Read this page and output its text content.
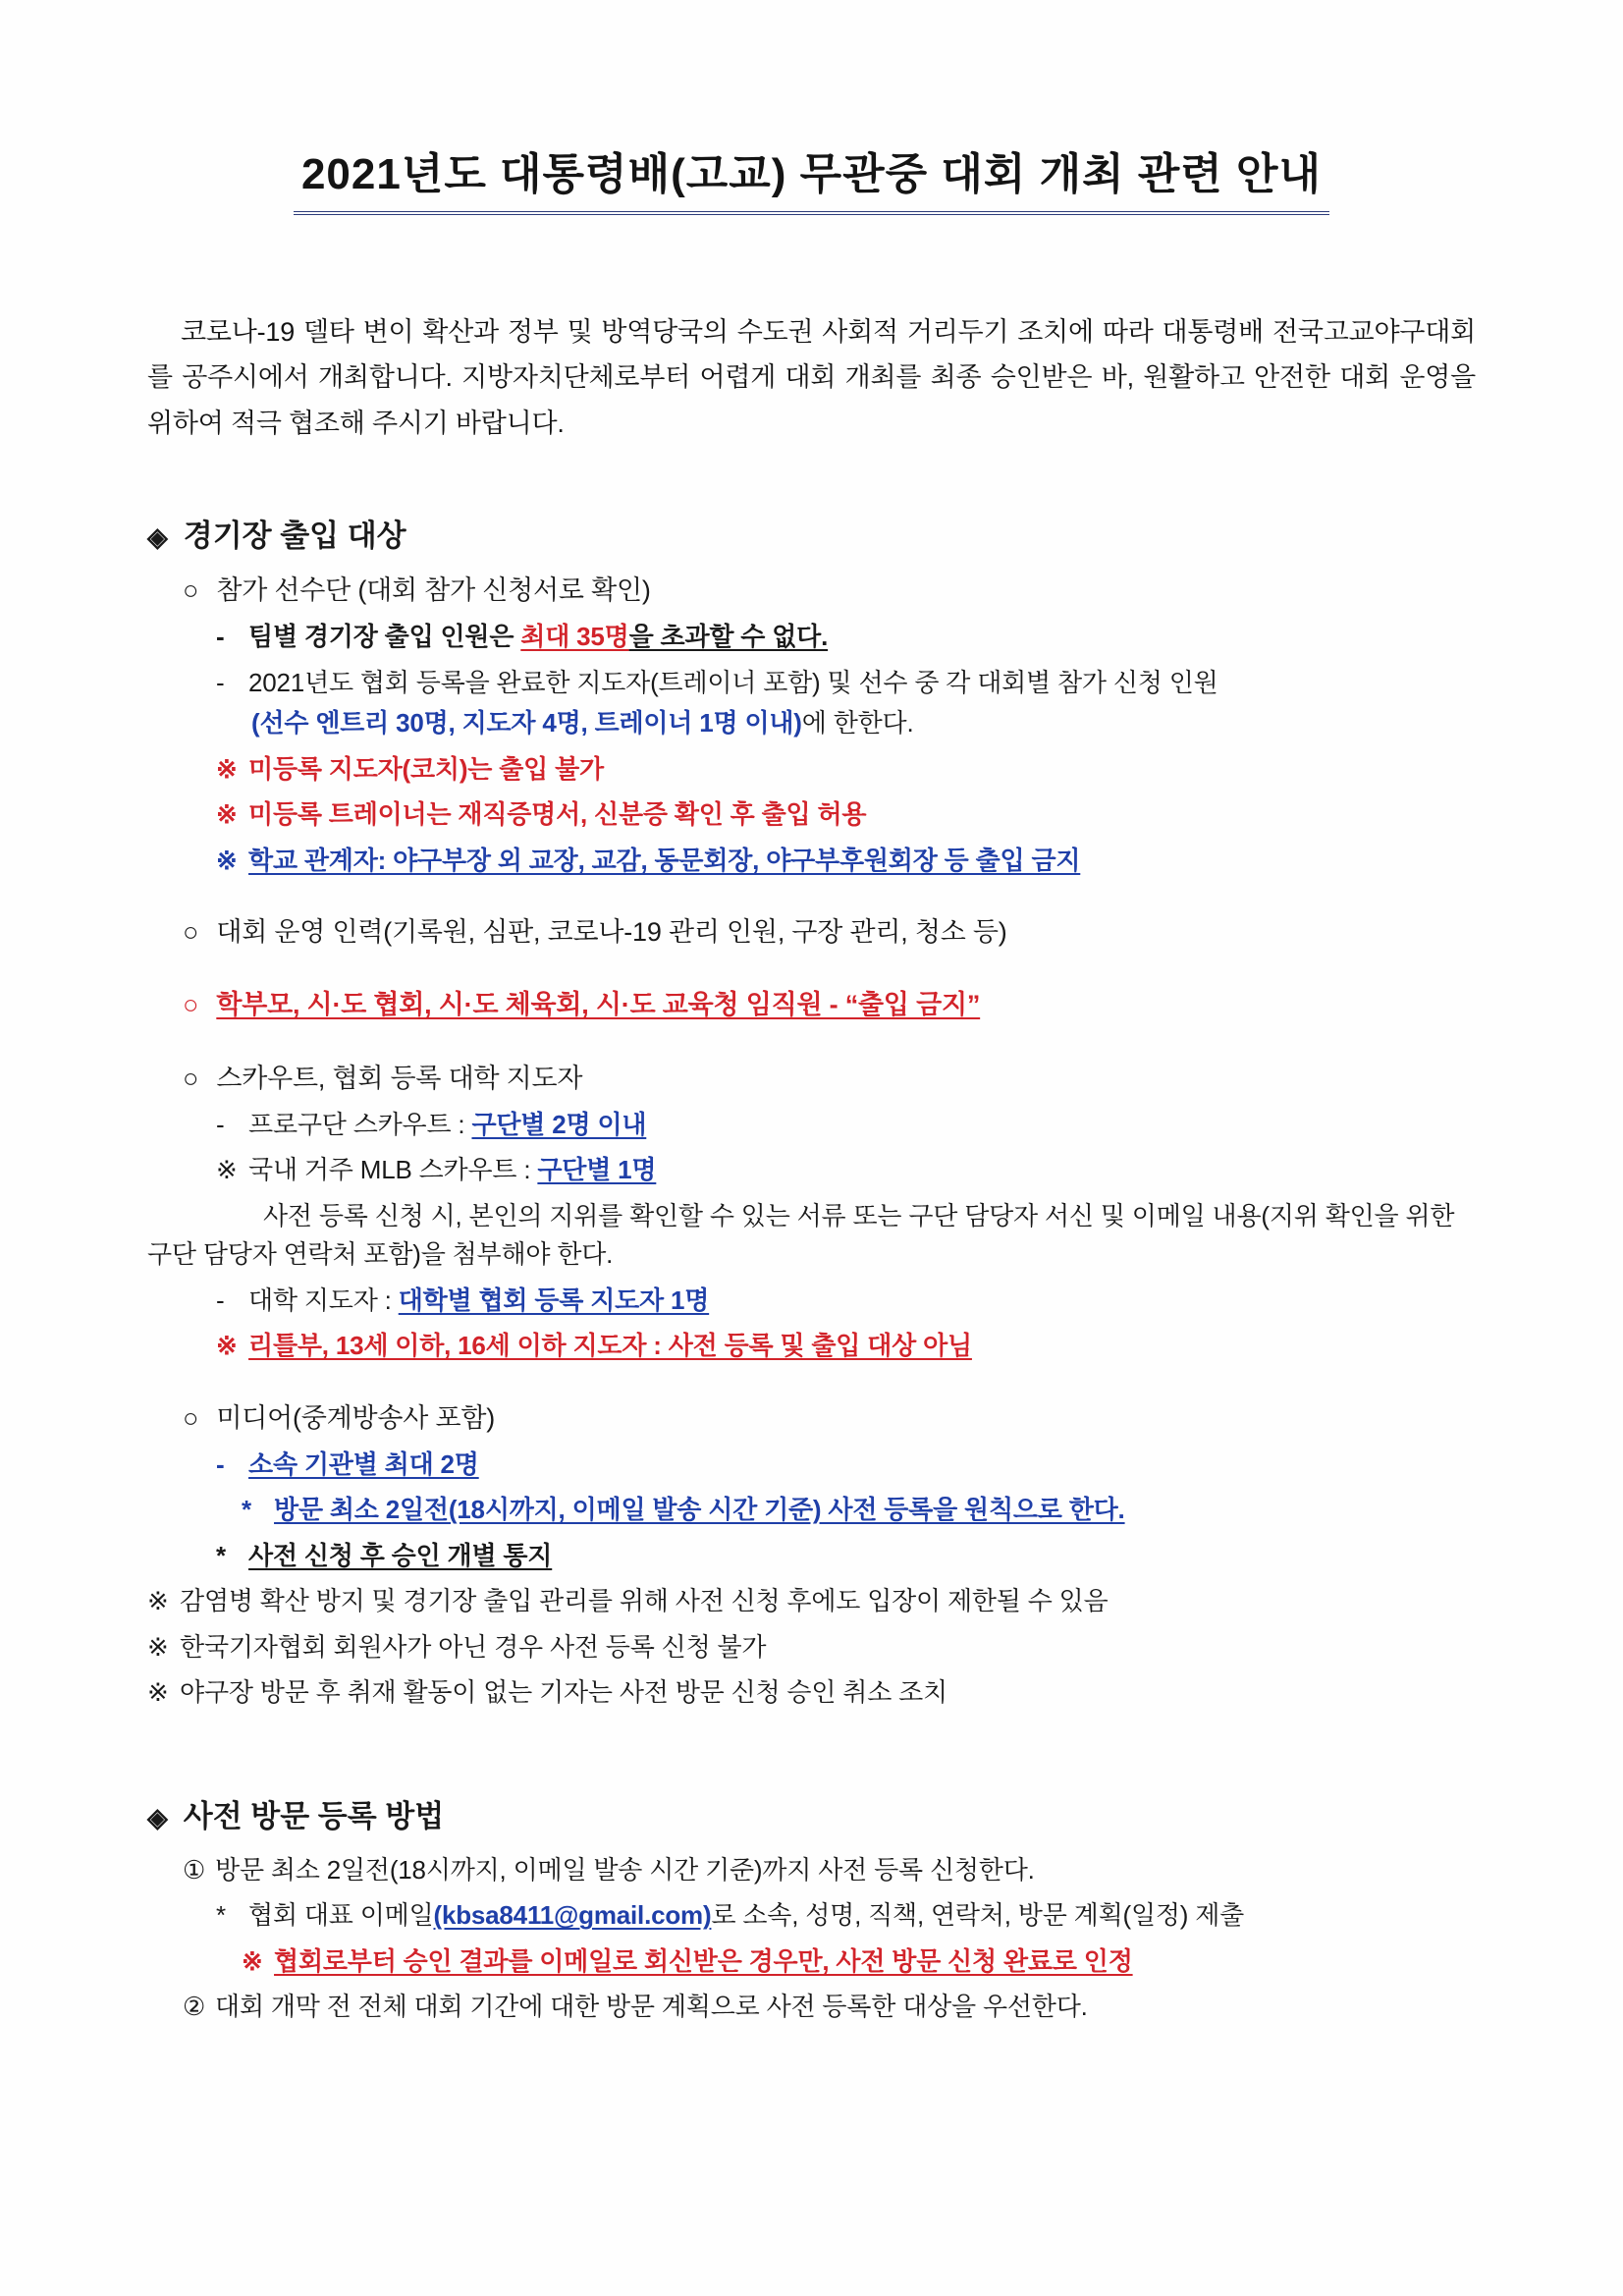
2021년도 대통령배(고교) 무관중 대회 개최 관련 안내

코로나-19 델타 변이 확산과 정부 및 방역당국의 수도권 사회적 거리두기 조치에 따라 대통령배 전국고교야구대회를 공주시에서 개최합니다. 지방자치단체로부터 어렵게 대회 개최를 최종 승인받은 바, 원활하고 안전한 대회 운영을 위하여 적극 협조해 주시기 바랍니다.

◈ 경기장 출입 대상
○ 참가 선수단 (대회 참가 신청서로 확인)
- 팀별 경기장 출입 인원은 최대 35명을 초과할 수 없다.
- 2021년도 협회 등록을 완료한 지도자(트레이너 포함) 및 선수 중 각 대회별 참가 신청 인원
(선수 엔트리 30명, 지도자 4명, 트레이너 1명 이내)에 한한다.
※ 미등록 지도자(코치)는 출입 불가
※ 미등록 트레이너는 재직증명서, 신분증 확인 후 출입 허용
※ 학교 관계자: 야구부장 외 교장, 교감, 동문회장, 야구부후원회장 등 출입 금지
○ 대회 운영 인력(기록원, 심판, 코로나-19 관리 인원, 구장 관리, 청소 등)
○ 학부모, 시·도 협회, 시·도 체육회, 시·도 교육청 임직원 - “출입 금지”
○ 스카우트, 협회 등록 대학 지도자
- 프로구단 스카우트 : 구단별 2명 이내
※ 국내 거주 MLB 스카우트 : 구단별 1명
사전 등록 신청 시, 본인의 지위를 확인할 수 있는 서류 또는 구단 담당자 서신 및 이메일 내용(지위 확인을 위한 구단 담당자 연락처 포함)을 첨부해야 한다.
- 대학 지도자 : 대학별 협회 등록 지도자 1명
※ 리틀부, 13세 이하, 16세 이하 지도자 : 사전 등록 및 출입 대상 아님
○ 미디어(중계방송사 포함)
- 소속 기관별 최대 2명
* 방문 최소 2일전(18시까지, 이메일 발송 시간 기준) 사전 등록을 원칙으로 한다.
* 사전 신청 후 승인 개별 통지
※ 감염병 확산 방지 및 경기장 출입 관리를 위해 사전 신청 후에도 입장이 제한될 수 있음
※ 한국기자협회 회원사가 아닌 경우 사전 등록 신청 불가
※ 야구장 방문 후 취재 활동이 없는 기자는 사전 방문 신청 승인 취소 조치
◈ 사전 방문 등록 방법
① 방문 최소 2일전(18시까지, 이메일 발송 시간 기준)까지 사전 등록 신청한다.
* 협회 대표 이메일(kbsa8411@gmail.com)로 소속, 성명, 직책, 연락처, 방문 계획(일정) 제출
※ 협회로부터 승인 결과를 이메일로 회신받은 경우만, 사전 방문 신청 완료로 인정
② 대회 개막 전 전체 대회 기간에 대한 방문 계획으로 사전 등록한 대상을 우선한다.
